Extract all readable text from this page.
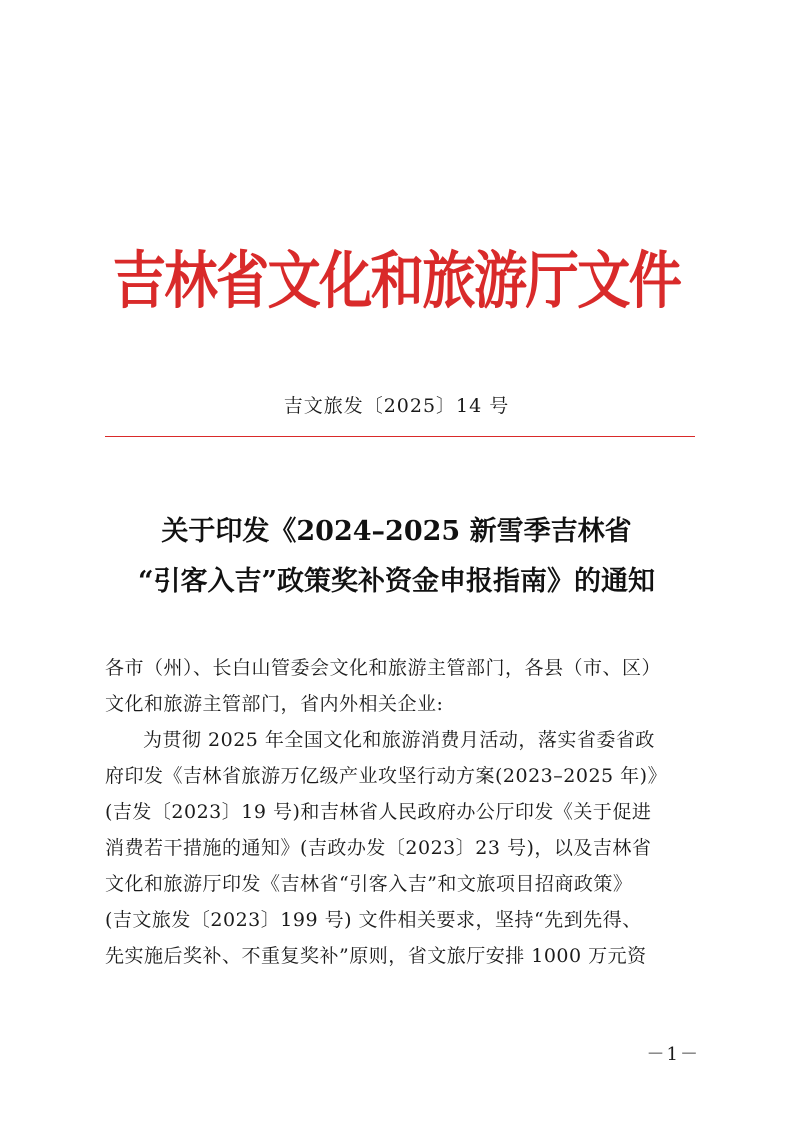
吉林省文化和旅游厅文件
吉文旅发〔2025〕14 号
关于印发《2024–2025 新雪季吉林省
“引客入吉”政策奖补资金申报指南》的通知
各市（州）、长白山管委会文化和旅游主管部门，各县（市、区）
文化和旅游主管部门，省内外相关企业:
为贯彻 2025 年全国文化和旅游消费月活动，落实省委省政
府印发《吉林省旅游万亿级产业攻坚行动方案(2023–2025 年)》
(吉发〔2023〕19 号)和吉林省人民政府办公厅印发《关于促进
消费若干措施的通知》(吉政办发〔2023〕23 号)，以及吉林省
文化和旅游厅印发《吉林省“引客入吉”和文旅项目招商政策》
(吉文旅发〔2023〕199 号) 文件相关要求，坚持“先到先得、
先实施后奖补、不重复奖补”原则，省文旅厅安排 1000 万元资
－1－
